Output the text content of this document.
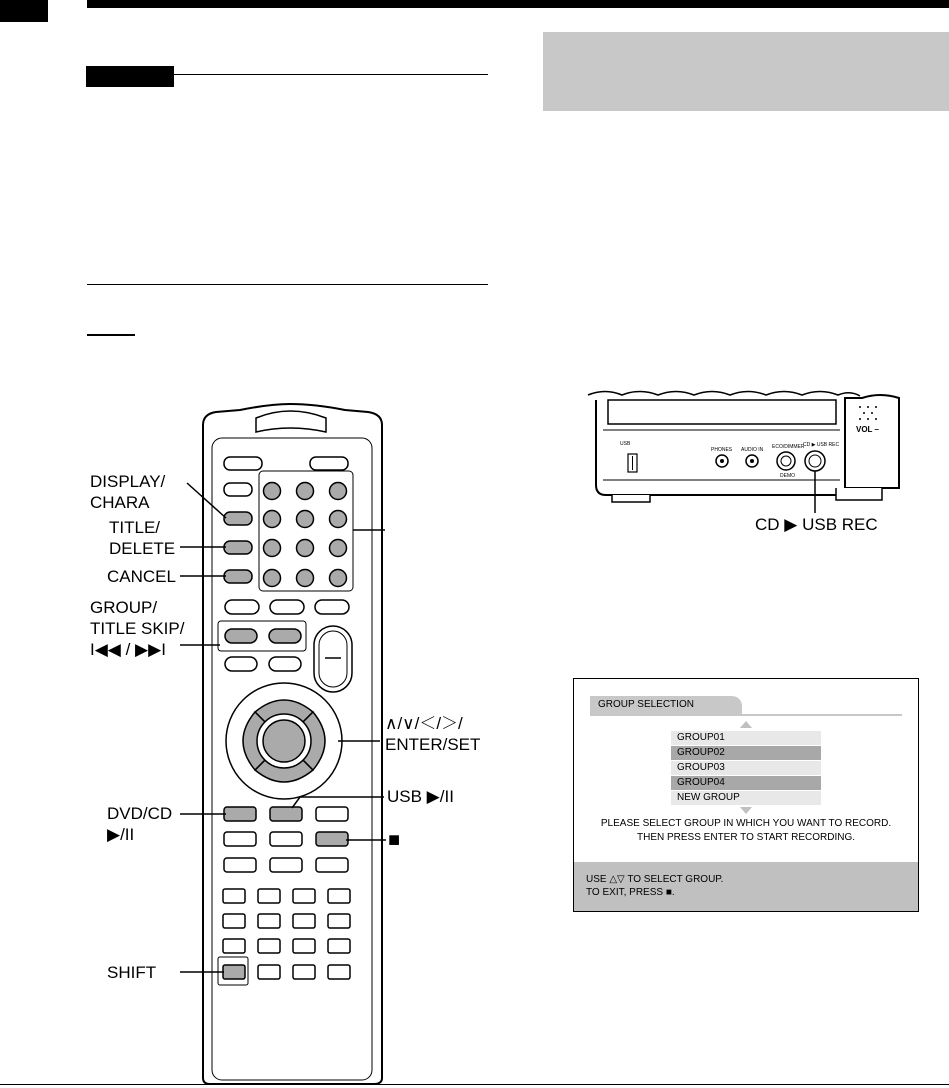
DISPLAY/
CHARA
TITLE/
DELETE
CANCEL
GROUP/
TITLE SKIP/
I◀◀ / ▶▶I
∧/∨/＜/＞/
ENTER/SET
USB ▶/II
DVD/CD
▶/II	■
SHIFT
USB
PHONES AUDIO IN ECO/DIMMER
DEMO
CD ▶ USB REC
VOL –
CD ▶ USB REC
GROUP SELECTION
GROUP01
GROUP02
GROUP03
GROUP04
NEW GROUP
PLEASE SELECT GROUP IN WHICH YOU WANT TO RECORD.
THEN PRESS ENTER TO START RECORDING.
USE △▽ TO SELECT GROUP.
TO EXIT, PRESS ■.
